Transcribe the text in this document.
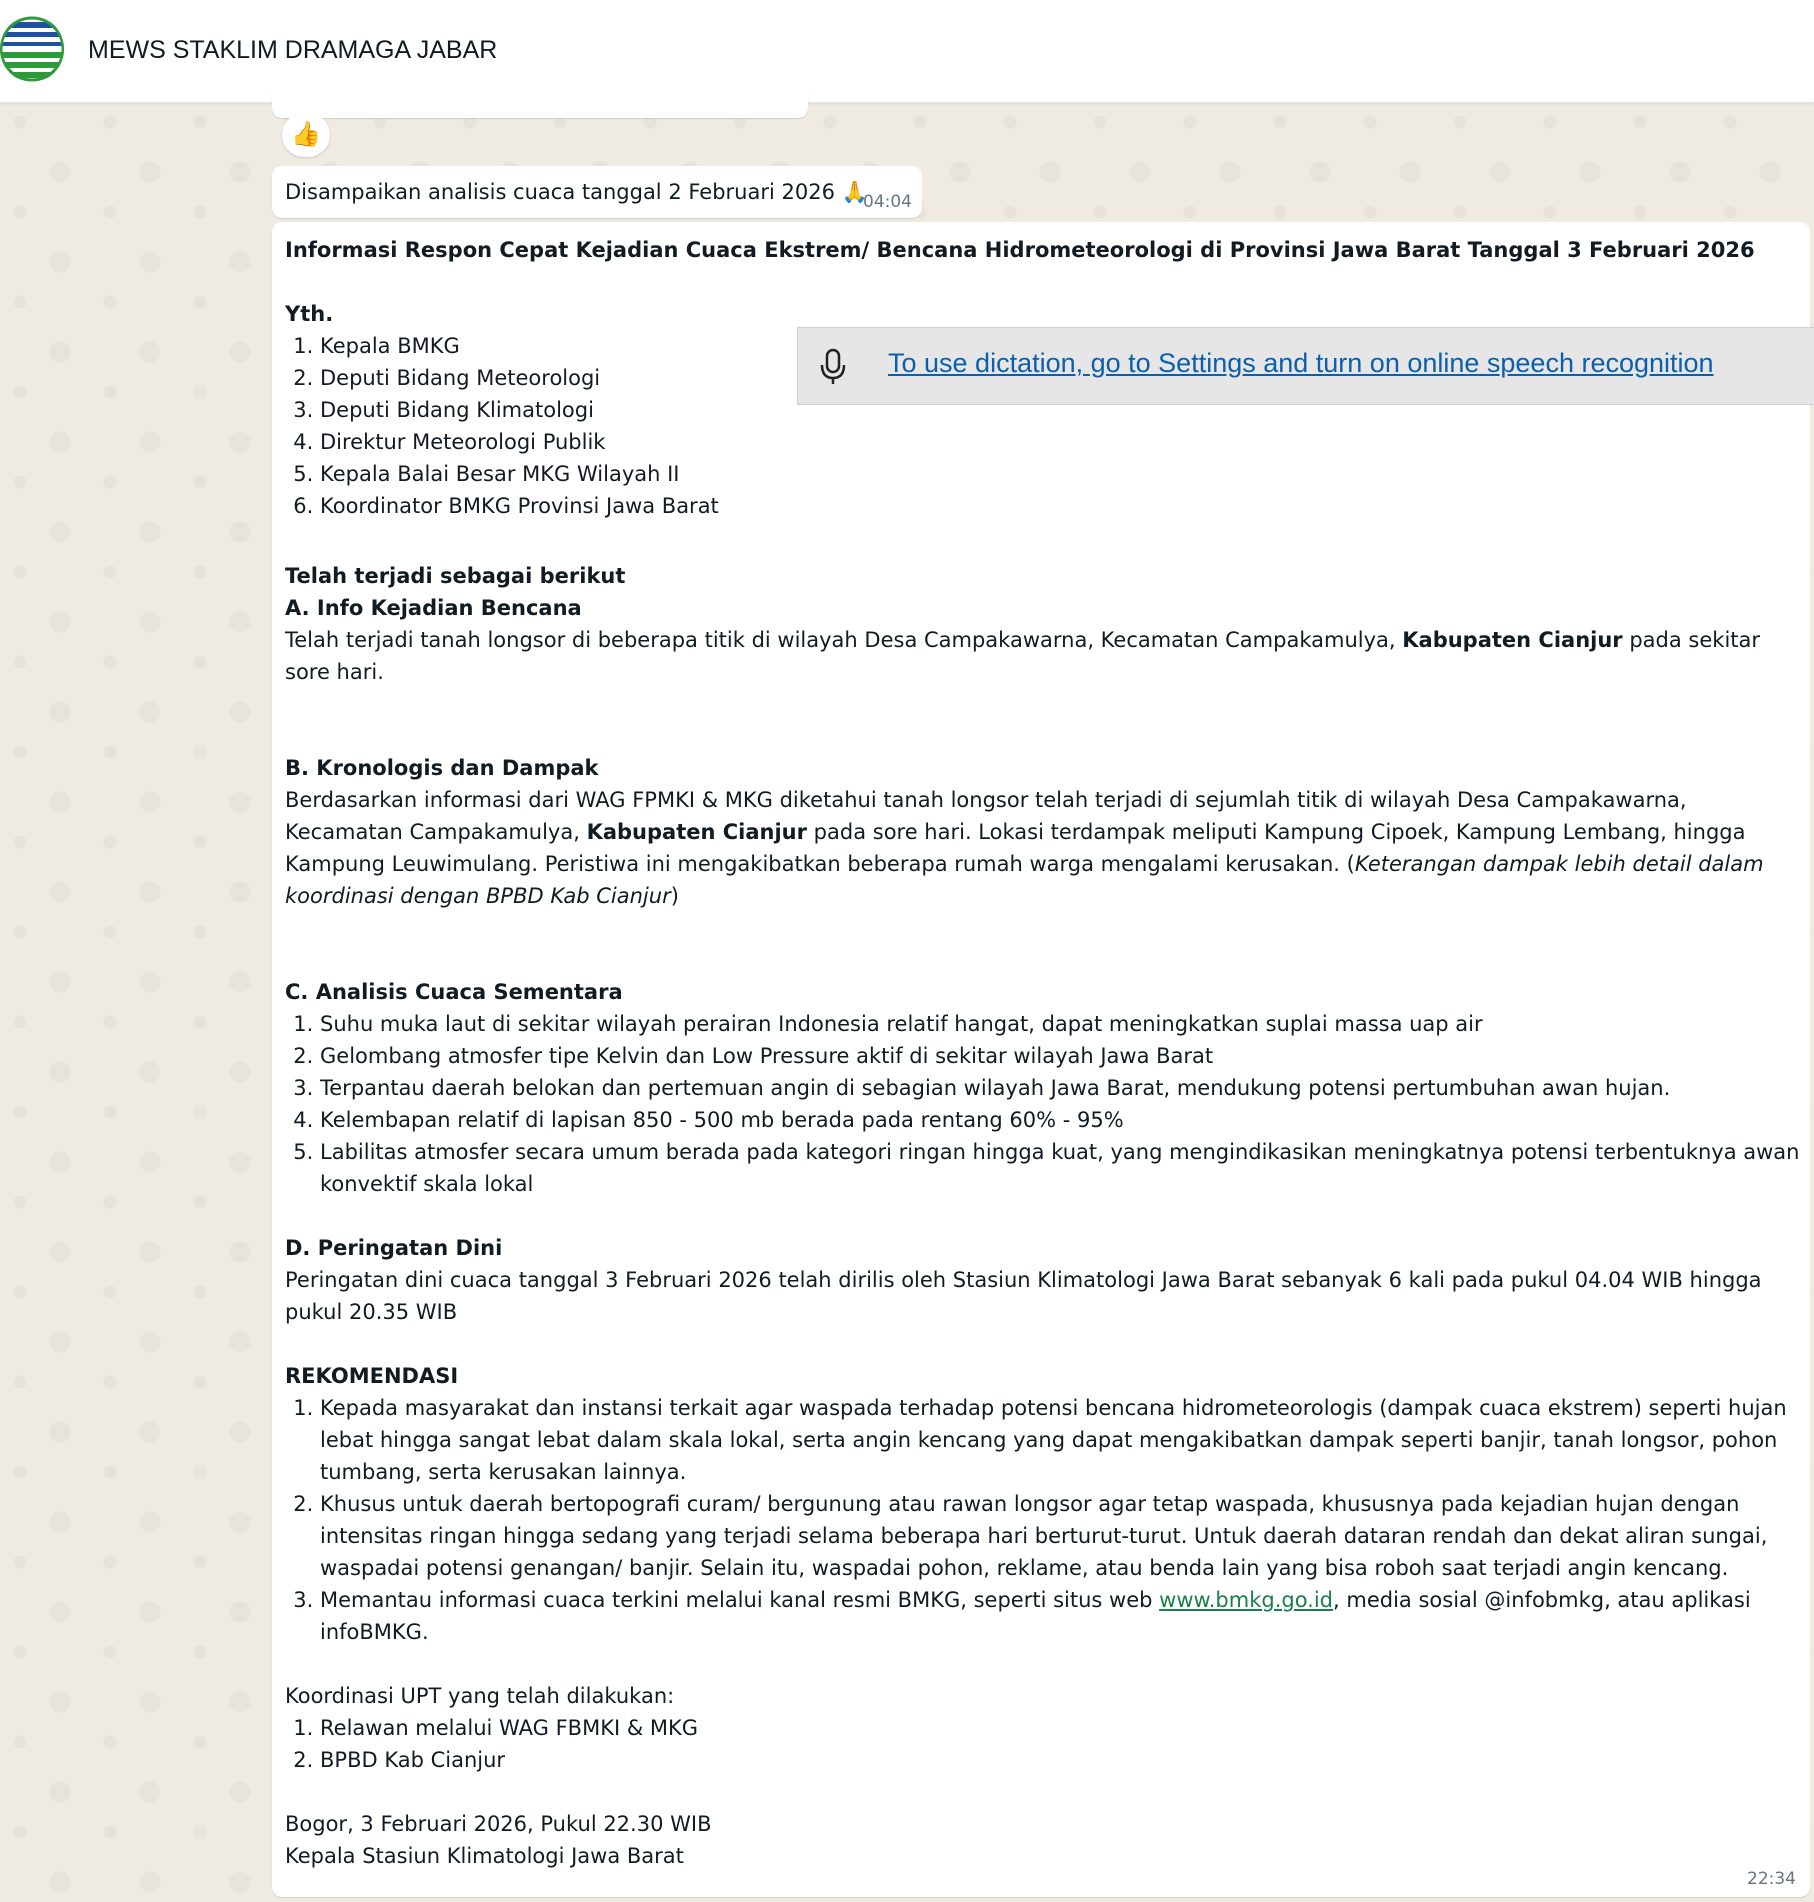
MEWS STAKLIM DRAMAGA JABAR
👍
Disampaikan analisis cuaca tanggal 2 Februari 2026 🙏
04:04

Informasi Respon Cepat Kejadian Cuaca Ekstrem/ Bencana Hidrometeorologi di Provinsi Jawa Barat Tanggal 3 Februari 2026

Yth.

1. Kepala BMKG
2. Deputi Bidang Meteorologi
3. Deputi Bidang Klimatologi
4. Direktur Meteorologi Publik
5. Kepala Balai Besar MKG Wilayah II
6. Koordinator BMKG Provinsi Jawa Barat

Telah terjadi sebagai berikut

A. Info Kejadian Bencana

Telah terjadi tanah longsor di beberapa titik di wilayah Desa Campakawarna, Kecamatan Campakamulya, Kabupaten Cianjur pada sekitar sore hari.

B. Kronologis dan Dampak

Berdasarkan informasi dari WAG FPMKI & MKG diketahui tanah longsor telah terjadi di sejumlah titik di wilayah Desa Campakawarna, Kecamatan Campakamulya, Kabupaten Cianjur pada sore hari. Lokasi terdampak meliputi Kampung Cipoek, Kampung Lembang, hingga Kampung Leuwimulang. Peristiwa ini mengakibatkan beberapa rumah warga mengalami kerusakan. (Keterangan dampak lebih detail dalam koordinasi dengan BPBD Kab Cianjur)

C. Analisis Cuaca Sementara

1. Suhu muka laut di sekitar wilayah perairan Indonesia relatif hangat, dapat meningkatkan suplai massa uap air
2. Gelombang atmosfer tipe Kelvin dan Low Pressure aktif di sekitar wilayah Jawa Barat
3. Terpantau daerah belokan dan pertemuan angin di sebagian wilayah Jawa Barat, mendukung potensi pertumbuhan awan hujan.
4. Kelembapan relatif di lapisan 850 - 500 mb berada pada rentang 60% - 95%
5. Labilitas atmosfer secara umum berada pada kategori ringan hingga kuat, yang mengindikasikan meningkatnya potensi terbentuknya awan konvektif skala lokal

D. Peringatan Dini

Peringatan dini cuaca tanggal 3 Februari 2026 telah dirilis oleh Stasiun Klimatologi Jawa Barat sebanyak 6 kali pada pukul 04.04 WIB hingga pukul 20.35 WIB

REKOMENDASI

1. Kepada masyarakat dan instansi terkait agar waspada terhadap potensi bencana hidrometeorologis (dampak cuaca ekstrem) seperti hujan lebat hingga sangat lebat dalam skala lokal, serta angin kencang yang dapat mengakibatkan dampak seperti banjir, tanah longsor, pohon tumbang, serta kerusakan lainnya.
2. Khusus untuk daerah bertopografi curam/ bergunung atau rawan longsor agar tetap waspada, khususnya pada kejadian hujan dengan intensitas ringan hingga sedang yang terjadi selama beberapa hari berturut-turut. Untuk daerah dataran rendah dan dekat aliran sungai, waspadai potensi genangan/ banjir. Selain itu, waspadai pohon, reklame, atau benda lain yang bisa roboh saat terjadi angin kencang.
3. Memantau informasi cuaca terkini melalui kanal resmi BMKG, seperti situs web www.bmkg.go.id, media sosial @infobmkg, atau aplikasi infoBMKG.

Koordinasi UPT yang telah dilakukan:

1. Relawan melalui WAG FBMKI & MKG
2. BPBD Kab Cianjur

Bogor, 3 Februari 2026, Pukul 22.30 WIB

Kepala Stasiun Klimatologi Jawa Barat

22:34
To use dictation, go to Settings and turn on online speech recognition
